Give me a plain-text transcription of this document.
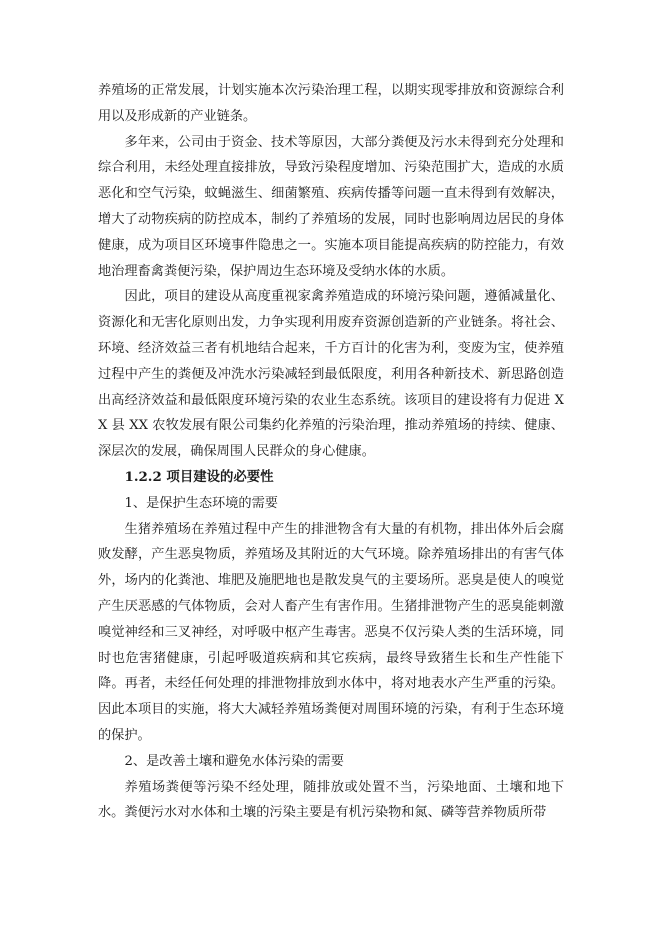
养殖场的正常发展，计划实施本次污染治理工程，以期实现零排放和资源综合利用以及形成新的产业链条。

多年来，公司由于资金、技术等原因，大部分粪便及污水未得到充分处理和综合利用，未经处理直接排放，导致污染程度增加、污染范围扩大，造成的水质恶化和空气污染，蚊蝇滋生、细菌繁殖、疾病传播等问题一直未得到有效解决，增大了动物疾病的防控成本，制约了养殖场的发展，同时也影响周边居民的身体健康，成为项目区环境事件隐患之一。实施本项目能提高疾病的防控能力，有效地治理畜禽粪便污染，保护周边生态环境及受纳水体的水质。

因此，项目的建设从高度重视家禽养殖造成的环境污染问题，遵循减量化、资源化和无害化原则出发，力争实现利用废弃资源创造新的产业链条。将社会、环境、经济效益三者有机地结合起来，千方百计的化害为利，变废为宝，使养殖过程中产生的粪便及冲洗水污染减轻到最低限度，利用各种新技术、新思路创造出高经济效益和最低限度环境污染的农业生态系统。该项目的建设将有力促进 XX 县 XX 农牧发展有限公司集约化养殖的污染治理，推动养殖场的持续、健康、深层次的发展，确保周围人民群众的身心健康。

1.2.2 项目建设的必要性

1、是保护生态环境的需要

生猪养殖场在养殖过程中产生的排泄物含有大量的有机物，排出体外后会腐败发酵，产生恶臭物质，养殖场及其附近的大气环境。除养殖场排出的有害气体外，场内的化粪池、堆肥及施肥地也是散发臭气的主要场所。恶臭是使人的嗅觉产生厌恶感的气体物质，会对人畜产生有害作用。生猪排泄物产生的恶臭能刺激嗅觉神经和三叉神经，对呼吸中枢产生毒害。恶臭不仅污染人类的生活环境，同时也危害猪健康，引起呼吸道疾病和其它疾病，最终导致猪生长和生产性能下降。再者，未经任何处理的排泄物排放到水体中，将对地表水产生严重的污染。因此本项目的实施，将大大减轻养殖场粪便对周围环境的污染，有利于生态环境的保护。

2、是改善土壤和避免水体污染的需要

养殖场粪便等污染不经处理，随排放或处置不当，污染地面、土壤和地下水。粪便污水对水体和土壤的污染主要是有机污染物和氮、磷等营养物质所带
